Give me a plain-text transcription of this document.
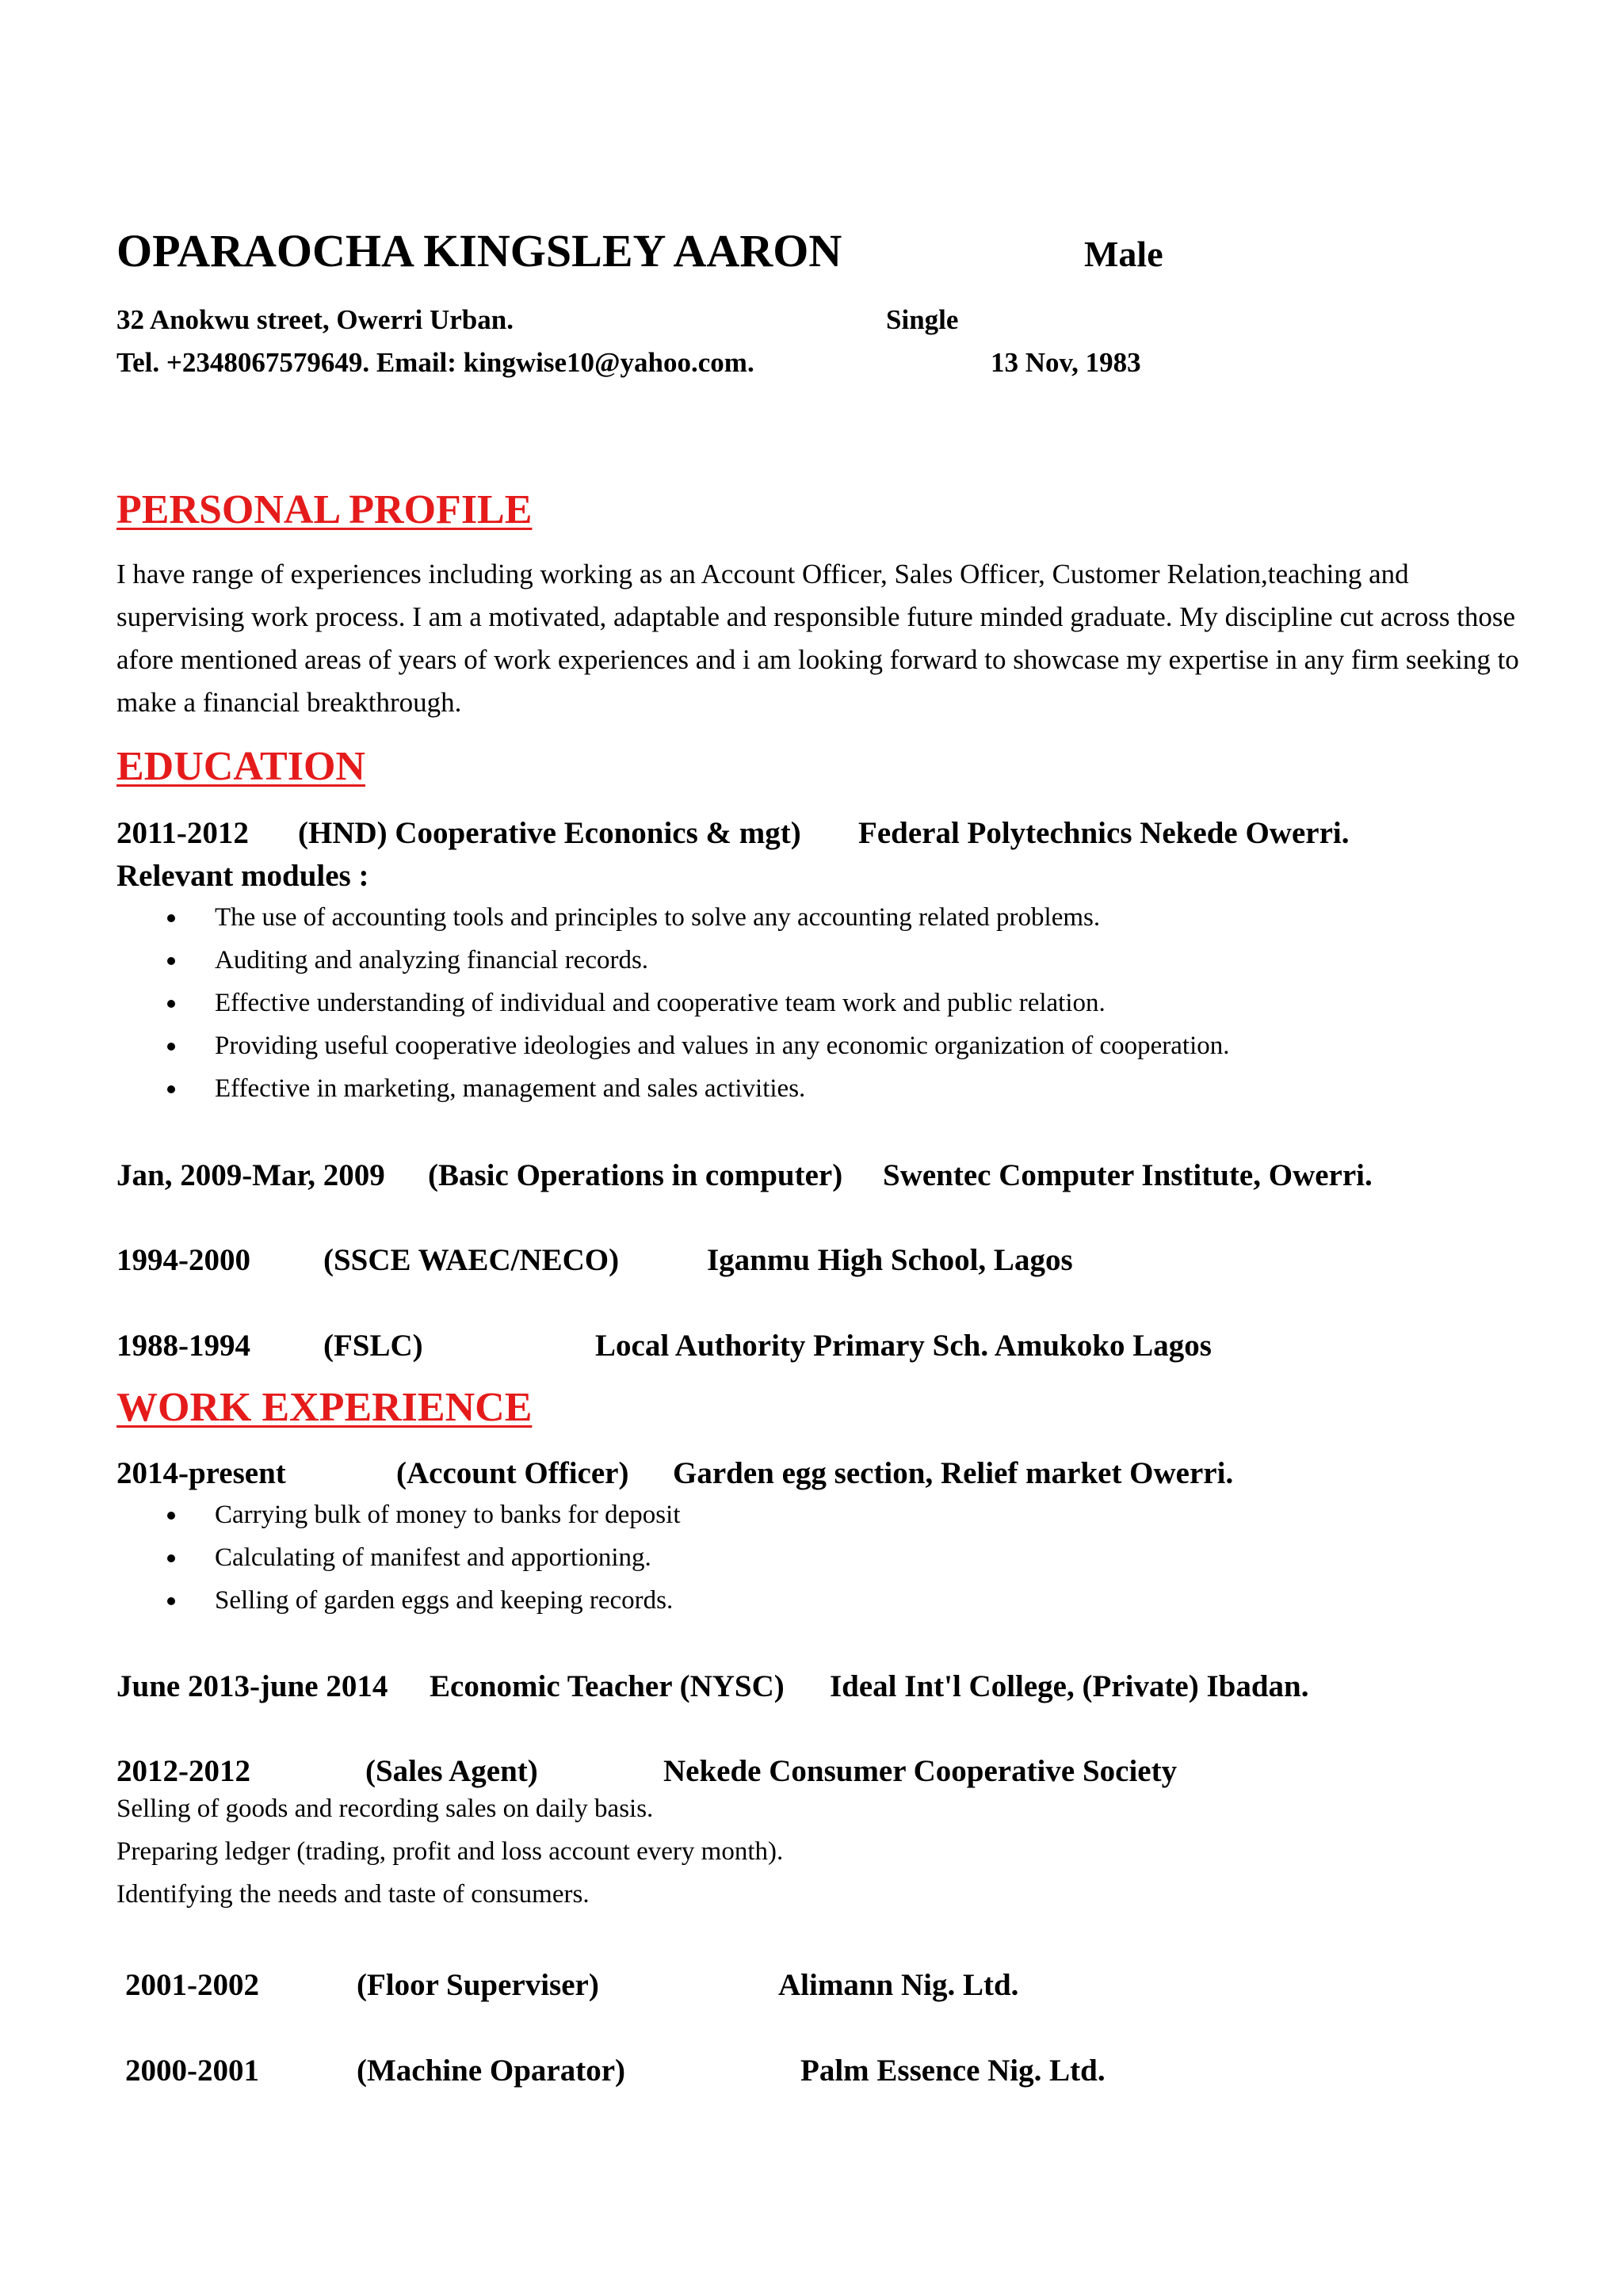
OPARAOCHA KINGSLEY AARON	Male
32 Anokwu street, Owerri Urban.	Single
Tel. +2348067579649. Email: kingwise10@yahoo.com.	13 Nov, 1983
PERSONAL PROFILE
I have range of experiences including working as an Account Officer, Sales Officer, Customer Relation,teaching and supervising work process. I am a motivated, adaptable and responsible future minded graduate. My discipline cut across those afore mentioned areas of years of work experiences and i am looking forward to showcase my expertise in any firm seeking to make a financial breakthrough.
EDUCATION
2011-2012 (HND) Cooperative Econonics & mgt) Federal Polytechnics Nekede Owerri.
Relevant modules :
The use of accounting tools and principles to solve any accounting related problems.
Auditing and analyzing financial records.
Effective understanding of individual and cooperative team work and public relation.
Providing useful cooperative ideologies and values in any economic organization of cooperation.
Effective in marketing, management and sales activities.
Jan, 2009-Mar, 2009 (Basic Operations in computer) Swentec Computer Institute, Owerri.
1994-2000 (SSCE WAEC/NECO)	Iganmu High School, Lagos
1988-1994 (FSLC)	Local Authority Primary Sch. Amukoko Lagos
WORK EXPERIENCE
2014-present	(Account Officer) Garden egg section, Relief market Owerri.
Carrying bulk of money to banks for deposit
Calculating of manifest and apportioning.
Selling of garden eggs and keeping records.
June 2013-june 2014 Economic Teacher (NYSC) Ideal Int'l College, (Private) Ibadan.
2012-2012	(Sales Agent)	Nekede Consumer Cooperative Society
Selling of goods and recording sales on daily basis.
Preparing ledger (trading, profit and loss account every month).
Identifying the needs and taste of consumers.
2001-2002	(Floor Superviser)	Alimann Nig. Ltd.
2000-2001	(Machine Oparator)	Palm Essence Nig. Ltd.
